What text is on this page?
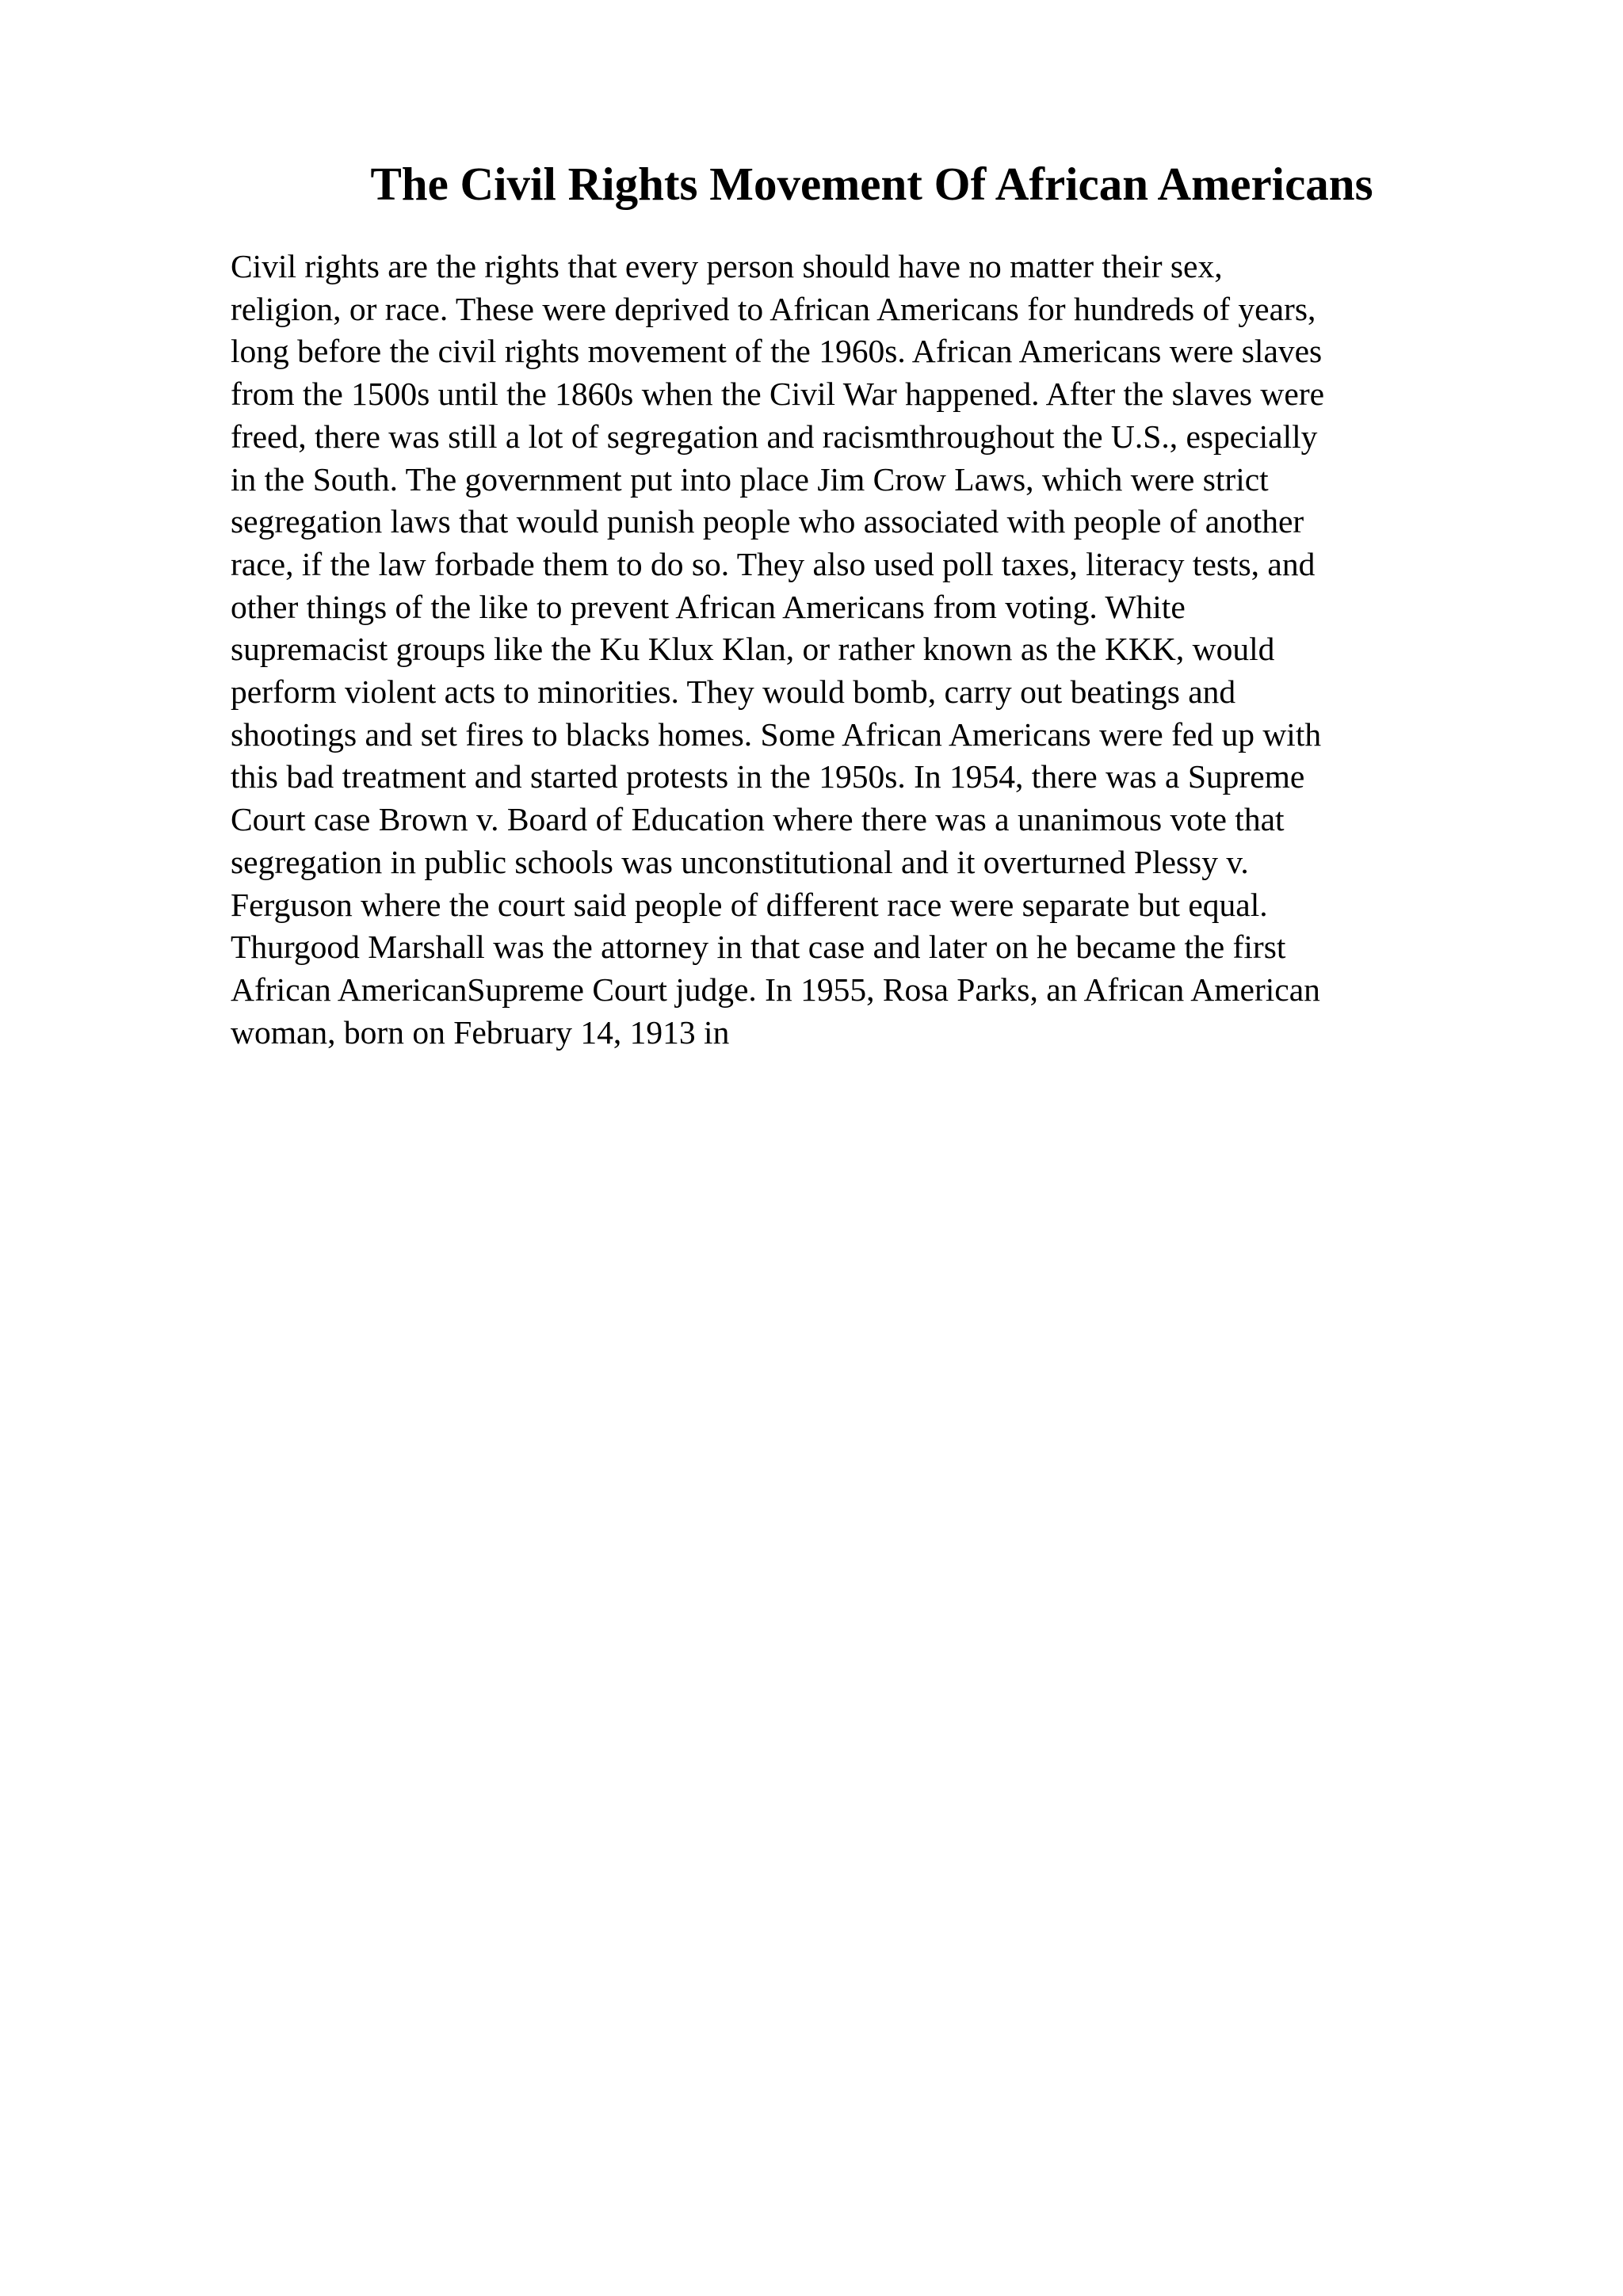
The Civil Rights Movement Of African Americans
Civil rights are the rights that every person should have no matter their sex,
religion, or race. These were deprived to African Americans for hundreds of years,
long before the civil rights movement of the 1960s. African Americans were slaves
from the 1500s until the 1860s when the Civil War happened. After the slaves were
freed, there was still a lot of segregation and racismthroughout the U.S., especially
in the South. The government put into place Jim Crow Laws, which were strict
segregation laws that would punish people who associated with people of another
race, if the law forbade them to do so. They also used poll taxes, literacy tests, and
other things of the like to prevent African Americans from voting. White
supremacist groups like the Ku Klux Klan, or rather known as the KKK, would
perform violent acts to minorities. They would bomb, carry out beatings and
shootings and set fires to blacks homes. Some African Americans were fed up with
this bad treatment and started protests in the 1950s. In 1954, there was a Supreme
Court case Brown v. Board of Education where there was a unanimous vote that
segregation in public schools was unconstitutional and it overturned Plessy v.
Ferguson where the court said people of different race were separate but equal.
Thurgood Marshall was the attorney in that case and later on he became the first
African AmericanSupreme Court judge. In 1955, Rosa Parks, an African American
woman, born on February 14, 1913 in
